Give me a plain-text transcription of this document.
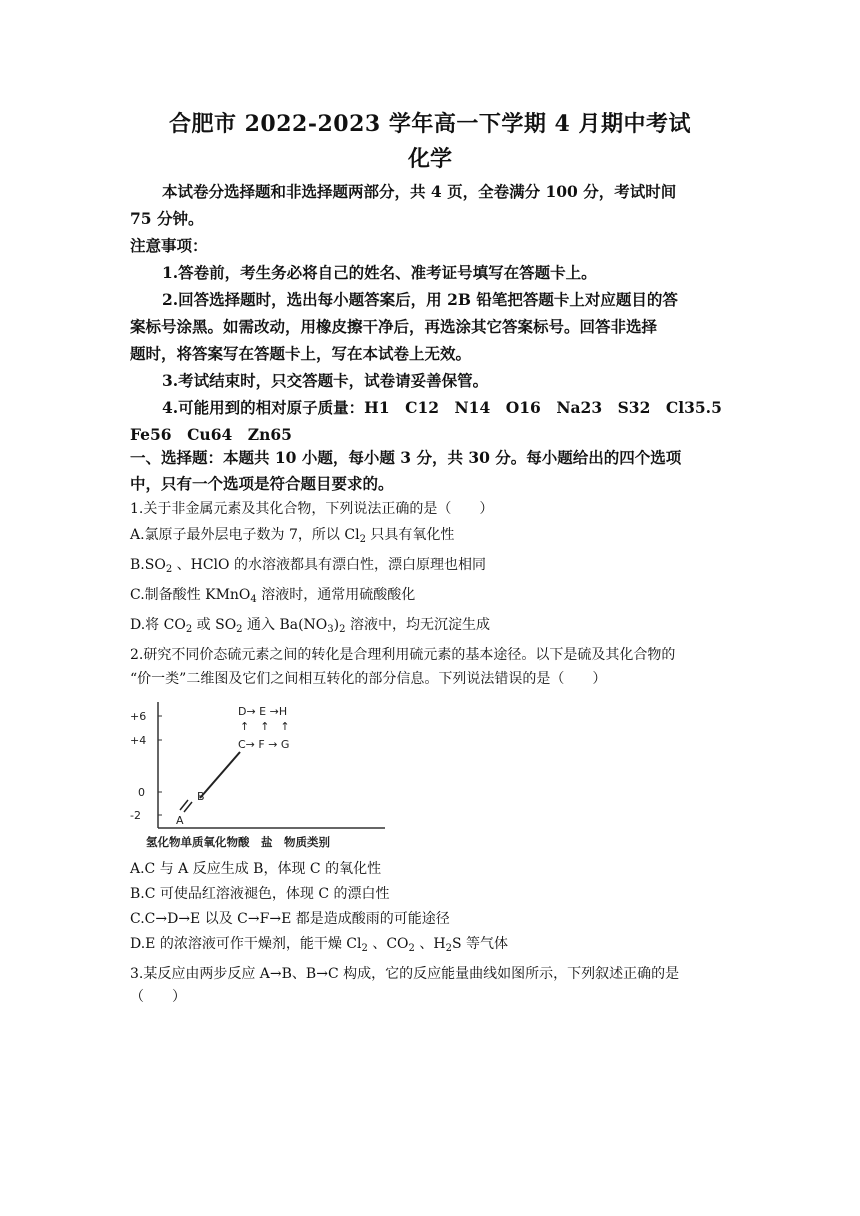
合肥市 2022-2023 学年高一下学期 4 月期中考试
化学
本试卷分选择题和非选择题两部分，共 4 页，全卷满分 100 分，考试时间
75 分钟。
注意事项：
1.答卷前，考生务必将自己的姓名、准考证号填写在答题卡上。
2.回答选择题时，选出每小题答案后，用 2B 铅笔把答题卡上对应题目的答
案标号涂黑。如需改动，用橡皮擦干净后，再选涂其它答案标号。回答非选择
题时，将答案写在答题卡上，写在本试卷上无效。
3.考试结束时，只交答题卡，试卷请妥善保管。
4.可能用到的相对原子质量：H1　C12　N14　O16　Na23　S32　Cl35.5
Fe56　Cu64　Zn65
一、选择题：本题共 10 小题，每小题 3 分，共 30 分。每小题给出的四个选项
中，只有一个选项是符合题目要求的。
1.关于非金属元素及其化合物，下列说法正确的是（　　）
A.氯原子最外层电子数为 7，所以 $Cl_2$ 只具有氧化性
$B.SO_2$ 、HClO 的水溶液都具有漂白性，漂白原理也相同
C.制备酸性 KMnO$_4$ 溶液时，通常用硫酸酸化
D.将 $CO_2$ 或 $SO_2$ 通入 $Ba(NO_3)_2$ 溶液中，均无沉淀生成
2.研究不同价态硫元素之间的转化是合理利用硫元素的基本途径。以下是硫及其化合物的
“价一类”二维图及它们之间相互转化的部分信息。下列说法错误的是（　　）
+6
+4
0
-2
D→ E →H
↑　↑　↑
C→ F → G
B
A
氢化物单质氧化物酸　盐　物质类别
A.C 与 A 反应生成 B，体现 C 的氧化性
B.C 可使品红溶液褪色，体现 C 的漂白性
C.C→D→E 以及 C→F→E 都是造成酸雨的可能途径
D.E 的浓溶液可作干燥剂，能干燥 $Cl_2$ 、$CO_2$ 、$H_2S$ 等气体
3.某反应由两步反应 A→B、B→C 构成，它的反应能量曲线如图所示，下列叙述正确的是
（　　）
